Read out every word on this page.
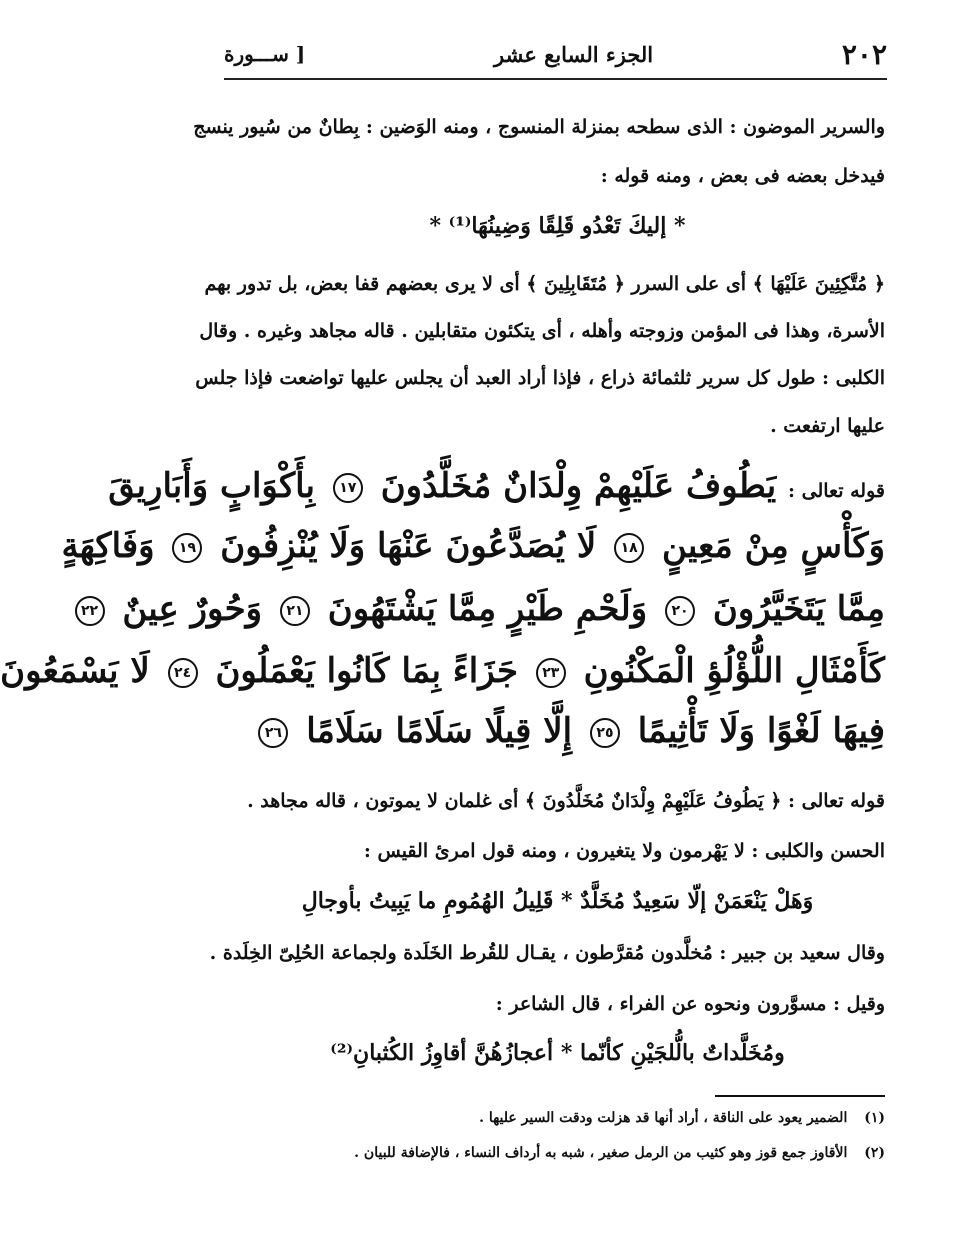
٢٠٢
الجزء السابع عشر
[ ســـورة
والسرير الموضون : الذى سطحه بمنزلة المنسوج ، ومنه الوَضين : بِطانٌ من سُيور ينسج
فيدخل بعضه فى بعض ، ومنه قوله :
* إليكَ تَعْدُو قَلِقًا وَضِينُهَا⁽¹⁾ *
﴿ مُتَّكِئِينَ عَلَيْهَا ﴾ أى على السرر ﴿ مُتَقَابِلِينَ ﴾ أى لا يرى بعضهم قفا بعض، بل تدور بهم
الأسرة، وهذا فى المؤمن وزوجته وأهله ، أى يتكئون متقابلين . قاله مجاهد وغيره . وقال
الكلبى : طول كل سرير ثلثمائة ذراع ، فإذا أراد العبد أن يجلس عليها تواضعت فإذا جلس
عليها ارتفعت .
قوله تعالى : يَطُوفُ عَلَيْهِمْ وِلْدَانٌ مُخَلَّدُونَ ١٧ بِأَكْوَابٍ وَأَبَارِيقَ
وَكَأْسٍ مِنْ مَعِينٍ ١٨ لَا يُصَدَّعُونَ عَنْهَا وَلَا يُنْزِفُونَ ١٩ وَفَاكِهَةٍ
مِمَّا يَتَخَيَّرُونَ ٢٠ وَلَحْمِ طَيْرٍ مِمَّا يَشْتَهُونَ ٢١ وَحُورٌ عِينٌ ٢٢
كَأَمْثَالِ اللُّؤْلُؤِ الْمَكْنُونِ ٢٣ جَزَاءً بِمَا كَانُوا يَعْمَلُونَ ٢٤ لَا يَسْمَعُونَ
فِيهَا لَغْوًا وَلَا تَأْثِيمًا ٢٥ إِلَّا قِيلًا سَلَامًا سَلَامًا ٢٦
قوله تعالى : ﴿ يَطُوفُ عَلَيْهِمْ وِلْدَانٌ مُخَلَّدُونَ ﴾ أى غلمان لا يموتون ، قاله مجاهد .
الحسن والكلبى : لا يَهْرمون ولا يتغيرون ، ومنه قول امرئ القيس :
وَهَلْ يَنْعَمَنْ إلّا سَعِيدٌ مُخَلَّدٌ * قَلِيلُ الهُمُومِ ما يَبِيتُ بأوجالِ
وقال سعيد بن جبير : مُخلَّدون مُقرَّطون ، يقـال للقُرط الخَلَدة ولجماعة الحُلِىّ الخِلَدة .
وقيل : مسوَّرون ونحوه عن الفراء ، قال الشاعر :
ومُخَلَّداتٌ بالُّلجَيْنِ كأنّما * أعجازُهُنَّ أقاوِزُ الكُثبانِ⁽²⁾
(١) الضمير يعود على الناقة ، أراد أنها قد هزلت ودقت السير عليها .
(٢) الأقاوز جمع قوز وهو كثيب من الرمل صغير ، شبه به أرداف النساء ، فالإضافة للبيان .
